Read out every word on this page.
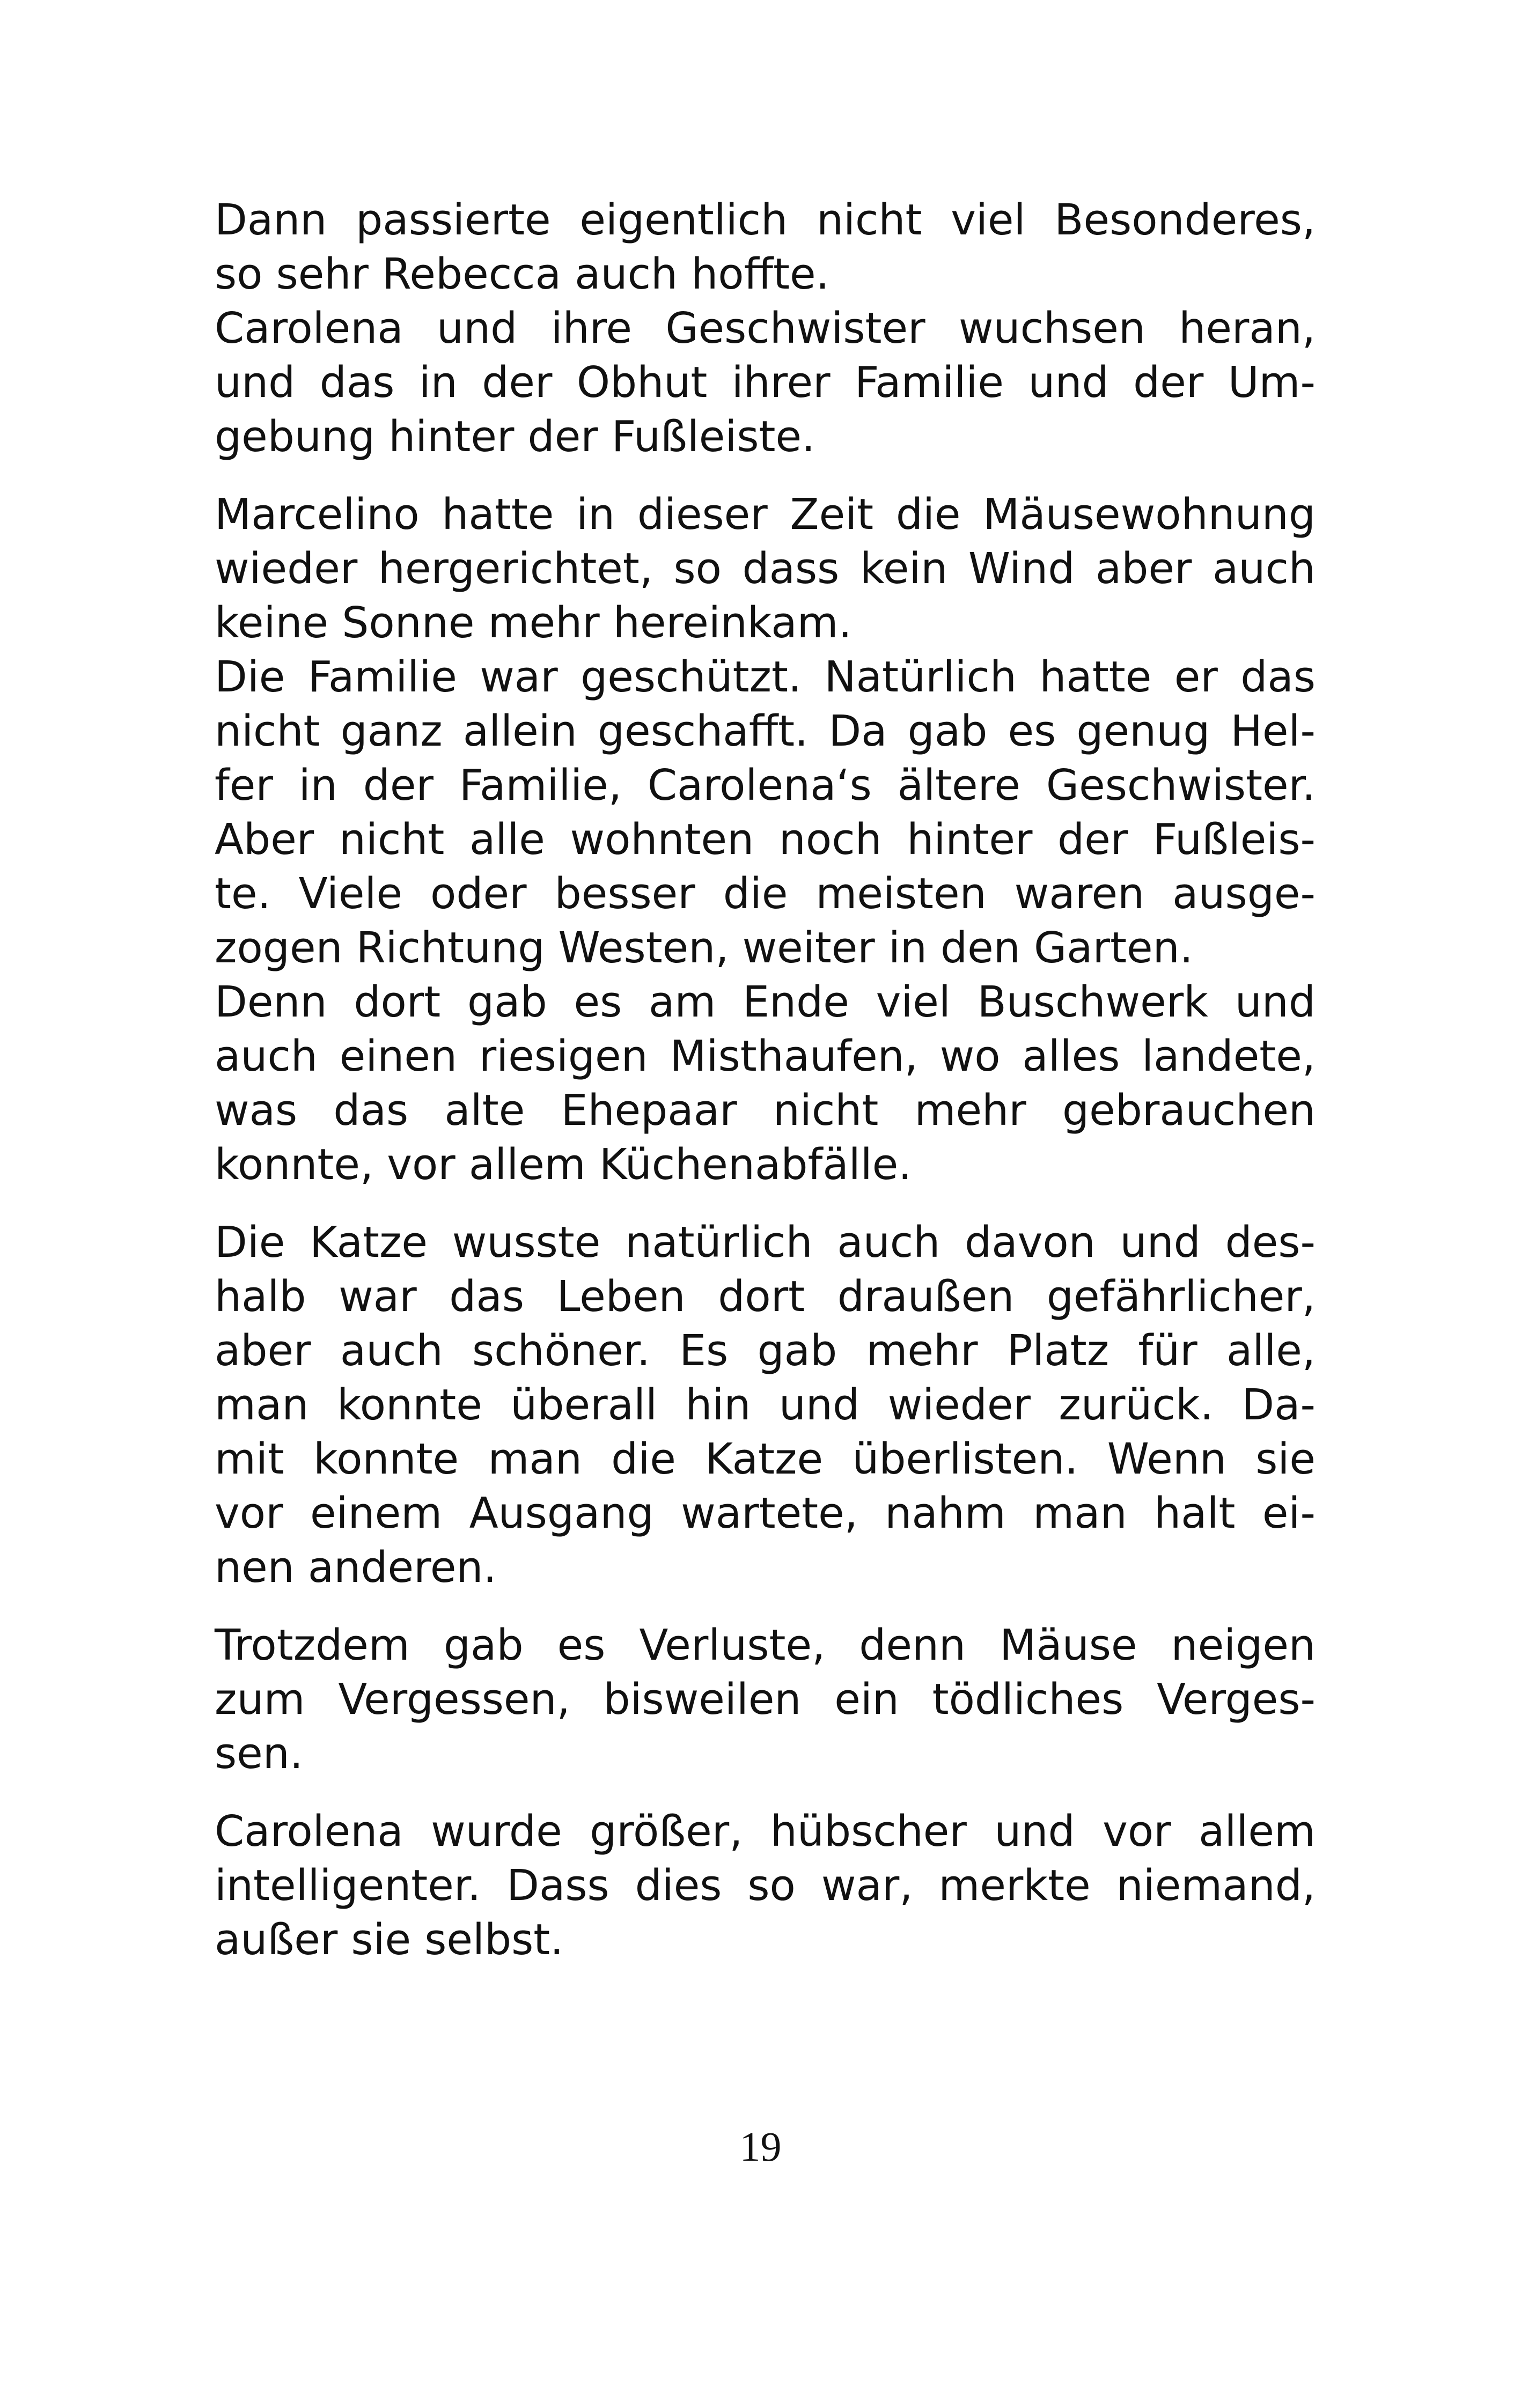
Dann passierte eigentlich nicht viel Besonderes,
so sehr Rebecca auch hoffte.
Carolena und ihre Geschwister wuchsen heran,
und das in der Obhut ihrer Familie und der Um-
gebung hinter der Fußleiste.

Marcelino hatte in dieser Zeit die Mäusewohnung
wieder hergerichtet, so dass kein Wind aber auch
keine Sonne mehr hereinkam.
Die Familie war geschützt. Natürlich hatte er das
nicht ganz allein geschafft. Da gab es genug Hel-
fer in der Familie, Carolena‘s ältere Geschwister.
Aber nicht alle wohnten noch hinter der Fußleis-
te. Viele oder besser die meisten waren ausge-
zogen Richtung Westen, weiter in den Garten.
Denn dort gab es am Ende viel Buschwerk und
auch einen riesigen Misthaufen, wo alles landete,
was das alte Ehepaar nicht mehr gebrauchen
konnte, vor allem Küchenabfälle.

Die Katze wusste natürlich auch davon und des-
halb war das Leben dort draußen gefährlicher,
aber auch schöner. Es gab mehr Platz für alle,
man konnte überall hin und wieder zurück. Da-
mit konnte man die Katze überlisten. Wenn sie
vor einem Ausgang wartete, nahm man halt ei-
nen anderen.

Trotzdem gab es Verluste, denn Mäuse neigen
zum Vergessen, bisweilen ein tödliches Verges-
sen.

Carolena wurde größer, hübscher und vor allem
intelligenter. Dass dies so war, merkte niemand,
außer sie selbst.

19
